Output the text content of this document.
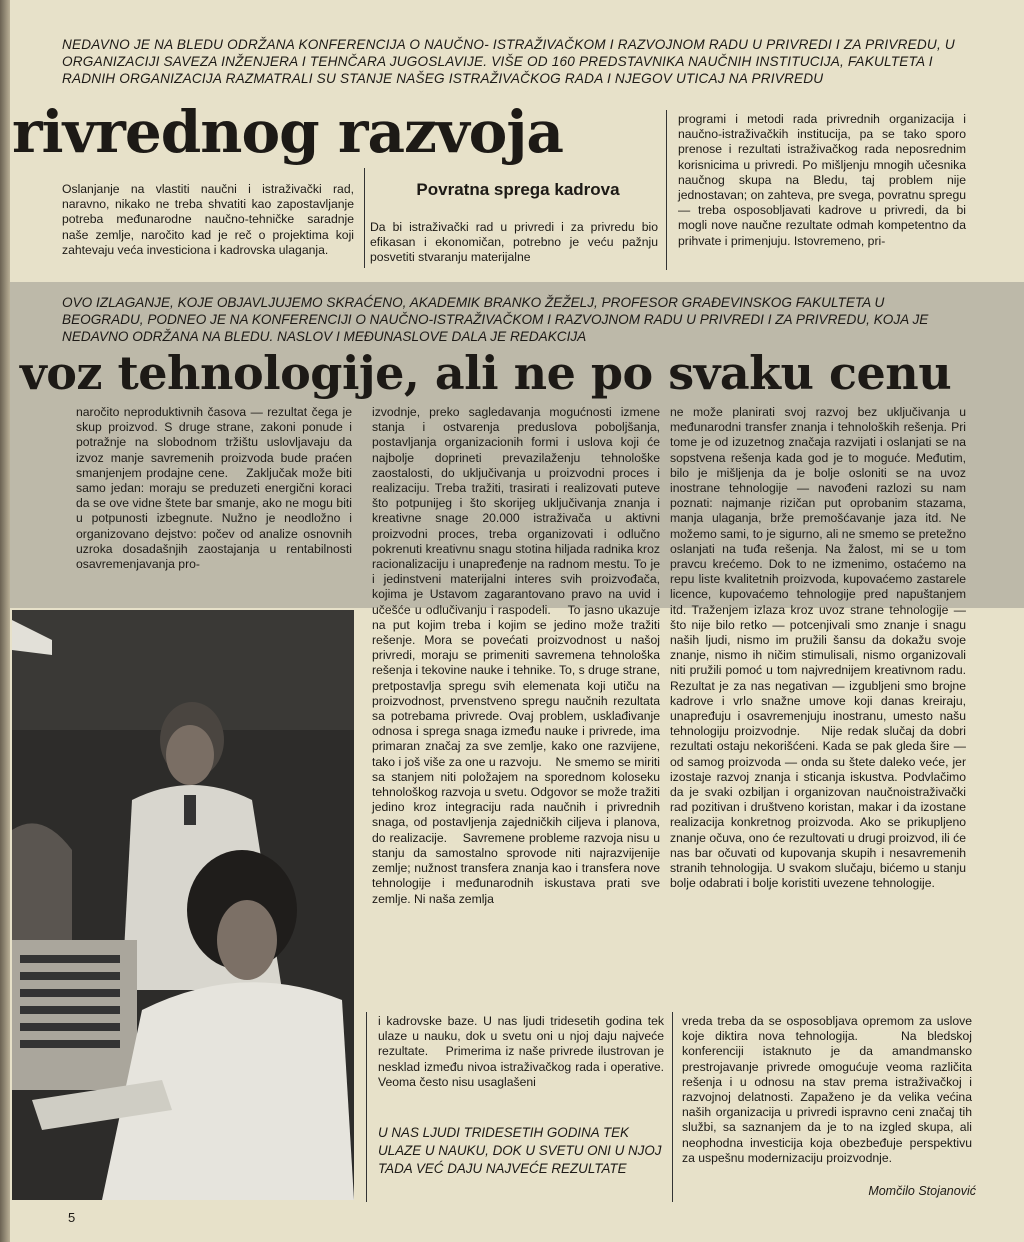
NEDAVNO JE NA BLEDU ODRŽANA KONFERENCIJA O NAUČNO- ISTRAŽIVAČKOM I RAZVOJNOM RADU U PRIVREDI I ZA PRIVREDU, U ORGANIZACIJI SAVEZA INŽENJERA I TEHNČARA JUGOSLAVIJE. VIŠE OD 160 PREDSTAVNIKA NAUČNIH INSTITUCIJA, FAKULTETA I RADNIH ORGANIZACIJA RAZMATRALI SU STANJE NAŠEG ISTRAŽIVAČKOG RADA I NJEGOV UTICAJ NA PRIVREDU
rivrednog razvoja
Oslanjanje na vlastiti naučni i istraživački rad, naravno, nikako ne treba shvatiti kao zapostavljanje potreba međunarodne naučno-tehničke saradnje naše zemlje, naročito kad je reč o projektima koji zahtevaju veća investiciona i kadrovska ulaganja.
Povratna sprega kadrova
Da bi istraživački rad u privredi i za privredu bio efikasan i ekonomičan, potrebno je veću pažnju posvetiti stvaranju materijalne
programi i metodi rada privrednih organizacija i naučno-istraživačkih institucija, pa se tako sporo prenose i rezultati istraživačkog rada neposrednim korisnicima u privredi. Po mišljenju mnogih učesnika naučnog skupa na Bledu, taj problem nije jednostavan; on zahteva, pre svega, povratnu spregu — treba osposobljavati kadrove u privredi, da bi mogli nove naučne rezultate odmah kompetentno da prihvate i primenjuju. Istovremeno, pri-
OVO IZLAGANJE, KOJE OBJAVLJUJEMO SKRAĆENO, AKADEMIK BRANKO ŽEŽELJ, PROFESOR GRAĐEVINSKOG FAKULTETA U BEOGRADU, PODNEO JE NA KONFERENCIJI O NAUČNO-ISTRAŽIVAČKOM I RAZVOJNOM RADU U PRIVREDI I ZA PRIVREDU, KOJA JE NEDAVNO ODRŽANA NA BLEDU. NASLOV I MEĐUNASLOVE DALA JE REDAKCIJA
voz tehnologije, ali ne po svaku cenu
naročito neproduktivnih časova — rezultat čega je skup proizvod. S druge strane, zakoni ponude i potražnje na slobodnom tržištu uslovljavaju da izvoz manje savremenih proizvoda bude praćen smanjenjem prodajne cene.    Zaključak može biti samo jedan: moraju se preduzeti energični koraci da se ove vidne štete bar smanje, ako ne mogu biti u potpunosti izbegnute. Nužno je neodložno i organizovano dejstvo: počev od analize osnovnih uzroka dosadašnjih zaostajanja u rentabilnosti osavremenjavanja pro-
izvodnje, preko sagledavanja mogućnosti izmene stanja i ostvarenja preduslova poboljšanja, postavljanja organizacionih formi i uslova koji će najbolje doprineti prevazilaženju tehnološke zaostalosti, do uključivanja u proizvodni proces i realizaciju. Treba tražiti, trasirati i realizovati puteve što potpunijeg i što skorijeg uključivanja znanja i kreativne snage 20.000 istraživača u aktivni proizvodni proces, treba organizovati i odlučno pokrenuti kreativnu snagu stotina hiljada radnika kroz racionalizaciju i unapređenje na radnom mestu. To je i jedinstveni materijalni interes svih proizvođača, kojima je Ustavom zagarantovano pravo na uvid i učešće u odlučivanju i raspodeli.    To jasno ukazuje na put kojim treba i kojim se jedino može tražiti rešenje. Mora se povećati proizvodnost u našoj privredi, moraju se primeniti savremena tehnološka rešenja i tekovine nauke i tehnike. To, s druge strane, pretpostavlja spregu svih elemenata koji utiču na proizvodnost, prvenstveno spregu naučnih rezultata sa potrebama privrede. Ovaj problem, usklađivanje odnosa i sprega snaga između nauke i privrede, ima primaran značaj za sve zemlje, kako one razvijene, tako i još više za one u razvoju.    Ne smemo se miriti sa stanjem niti položajem na sporednom koloseku tehnološkog razvoja u svetu. Odgovor se može tražiti jedino kroz integraciju rada naučnih i privrednih snaga, od postavljenja zajedničkih ciljeva i planova, do realizacije.    Savremene probleme razvoja nisu u stanju da samostalno sprovode niti najrazvijenije zemlje; nužnost transfera znanja kao i transfera nove tehnologije i međunarodnih iskustava prati sve zemlje. Ni naša zemlja
ne može planirati svoj razvoj bez uključivanja u međunarodni transfer znanja i tehnoloških rešenja. Pri tome je od izuzetnog značaja razvijati i oslanjati se na sopstvena rešenja kada god je to moguće. Međutim, bilo je mišljenja da je bolje osloniti se na uvoz inostrane tehnologije — navođeni razlozi su nam poznati: najmanje rizičan put oprobanim stazama, manja ulaganja, brže premošćavanje jaza itd. Ne možemo sami, to je sigurno, ali ne smemo se pretežno oslanjati na tuđa rešenja. Na žalost, mi se u tom pravcu krećemo. Dok to ne izmenimo, ostaćemo na repu liste kvalitetnih proizvoda, kupovaćemo zastarele licence, kupovaćemo tehnologije pred napuštanjem itd. Traženjem izlaza kroz uvoz strane tehnologije — što nije bilo retko — potcenjivali smo znanje i snagu naših ljudi, nismo im pružili šansu da dokažu svoje znanje, nismo ih ničim stimulisali, nismo organizovali niti pružili pomoć u tom najvrednijem kreativnom radu. Rezultat je za nas negativan — izgubljeni smo brojne kadrove i vrlo snažne umove koji danas kreiraju, unapređuju i osavremenjuju inostranu, umesto našu tehnologiju proizvodnje.    Nije redak slučaj da dobri rezultati ostaju nekorišćeni. Kada se pak gleda šire — od samog proizvoda — onda su štete daleko veće, jer izostaje razvoj znanja i sticanja iskustva. Podvlačimo da je svaki ozbiljan i organizovan naučnoistraživački rad pozitivan i društveno koristan, makar i da izostane realizacija konkretnog proizvoda. Ako se prikupljeno znanje očuva, ono će rezultovati u drugi proizvod, ili će nas bar očuvati od kupovanja skupih i nesavremenih stranih tehnologija. U svakom slučaju, bićemo u stanju bolje odabrati i bolje koristiti uvezene tehnologije.
i kadrovske baze. U nas ljudi tridesetih godina tek ulaze u nauku, dok u svetu oni u njoj daju najveće rezultate.    Primerima iz naše privrede ilustrovan je nesklad između nivoa istraživačkog rada i operative. Veoma često nisu usaglašeni
U NAS LJUDI TRIDESETIH GODINA TEK ULAZE U NAUKU, DOK U SVETU ONI U NJOJ TADA VEĆ DAJU NAJVEĆE REZULTATE
vreda treba da se osposobljava opremom za uslove koje diktira nova tehnologija.    Na bledskoj konferenciji istaknuto je da amandmansko prestrojavanje privrede omogućuje veoma različita rešenja i u odnosu na stav prema istraživačkoj i razvojnoj delatnosti. Zapaženo je da velika većina naših organizacija u privredi ispravno ceni značaj tih službi, sa saznanjem da je to na izgled skupa, ali neophodna investicija koja obezbeđuje perspektivu za uspešnu modernizaciju proizvodnje.
Momčilo Stojanović
5
